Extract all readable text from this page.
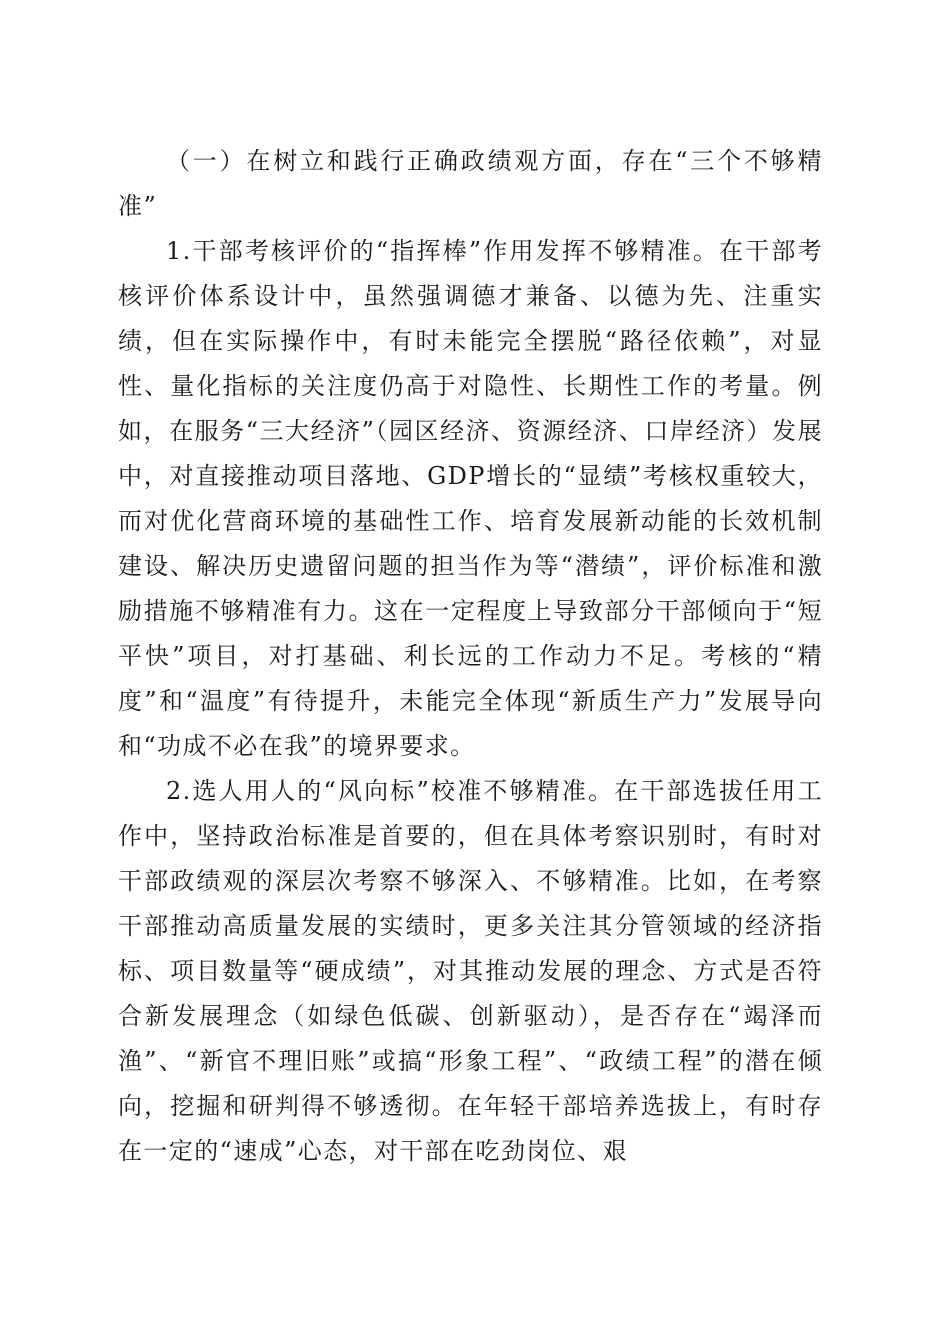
（一）在树立和践行正确政绩观方面，存在“三个不够精准”

1.干部考核评价的“指挥棒”作用发挥不够精准。在干部考核评价体系设计中，虽然强调德才兼备、以德为先、注重实绩，但在实际操作中，有时未能完全摆脱“路径依赖”，对显性、量化指标的关注度仍高于对隐性、长期性工作的考量。例如，在服务“三大经济”（园区经济、资源经济、口岸经济）发展中，对直接推动项目落地、GDP增长的“显绩”考核权重较大，而对优化营商环境的基础性工作、培育发展新动能的长效机制建设、解决历史遗留问题的担当作为等“潜绩”，评价标准和激励措施不够精准有力。这在一定程度上导致部分干部倾向于“短平快”项目，对打基础、利长远的工作动力不足。考核的“精度”和“温度”有待提升，未能完全体现“新质生产力”发展导向和“功成不必在我”的境界要求。

2.选人用人的“风向标”校准不够精准。在干部选拔任用工作中，坚持政治标准是首要的，但在具体考察识别时，有时对干部政绩观的深层次考察不够深入、不够精准。比如，在考察干部推动高质量发展的实绩时，更多关注其分管领域的经济指标、项目数量等“硬成绩”，对其推动发展的理念、方式是否符合新发展理念（如绿色低碳、创新驱动），是否存在“竭泽而渔”、“新官不理旧账”或搞“形象工程”、“政绩工程”的潜在倾向，挖掘和研判得不够透彻。在年轻干部培养选拔上，有时存在一定的“速成”心态，对干部在吃劲岗位、艰
